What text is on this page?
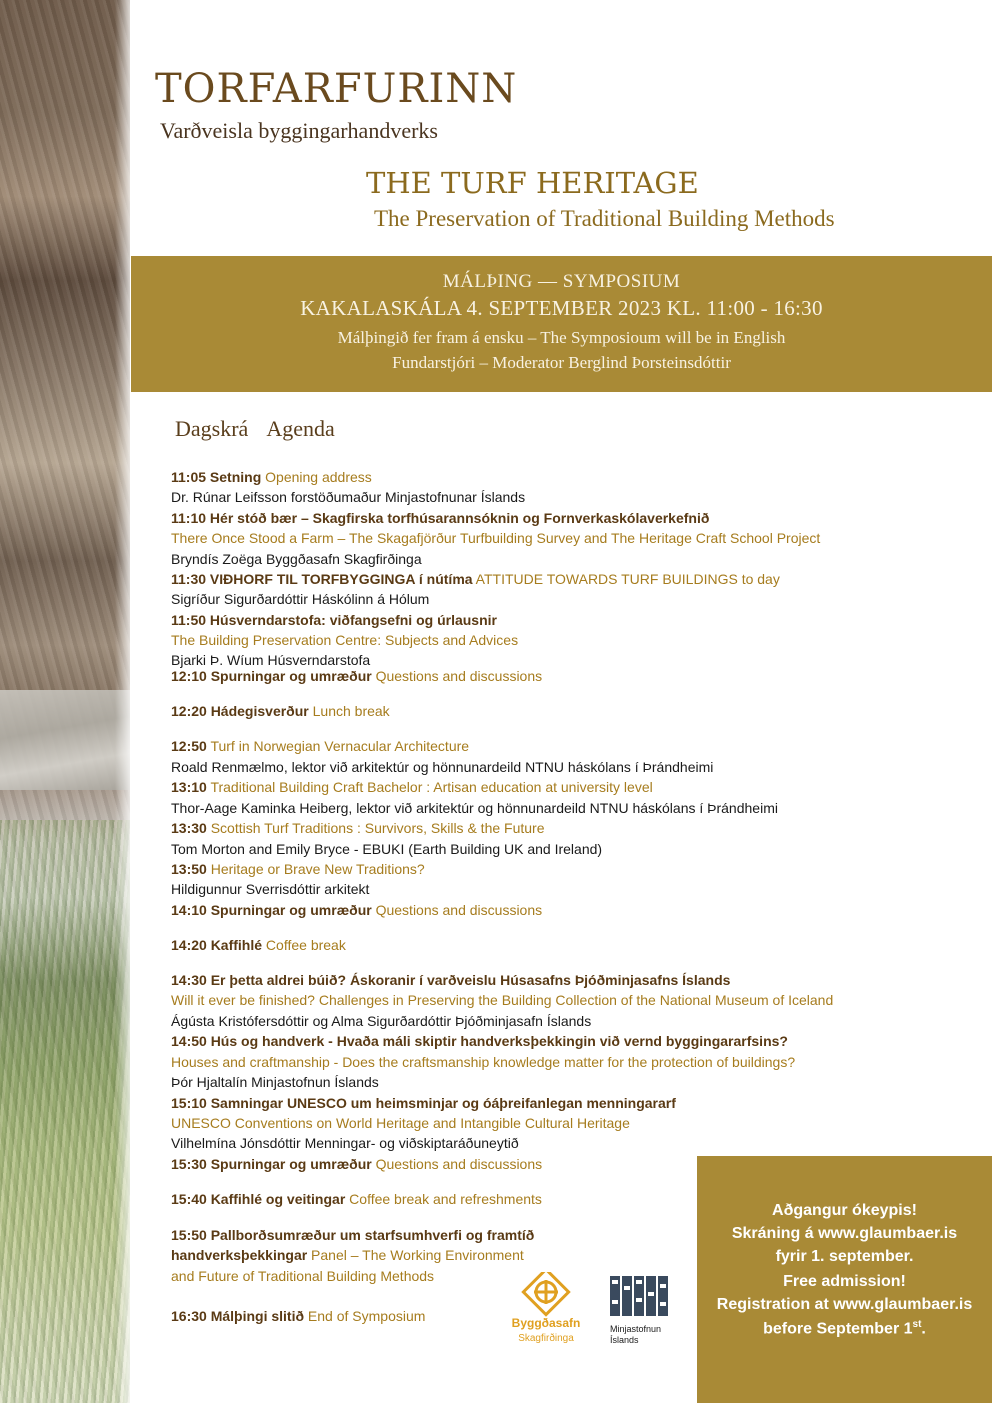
TORFARFURINN
Varðveisla byggingarhandverks
THE TURF HERITAGE
The Preservation of Traditional Building Methods
MÁLÞING — SYMPOSIUM
KAKALASKÁLA 4. SEPTEMBER 2023 KL. 11:00 - 16:30
Málþingið fer fram á ensku – The Symposioum will be in English
Fundarstjóri – Moderator Berglind Þorsteinsdóttir
Dagskrá Agenda
11:05 Setning Opening address
Dr. Rúnar Leifsson forstöðumaður Minjastofnunar Íslands
11:10 Hér stóð bær – Skagfirska torfhúsarannsóknin og Fornverkaskólaverkefnið
There Once Stood a Farm – The Skagafjörður Turfbuilding Survey and The Heritage Craft School Project
Bryndís Zoëga Byggðasafn Skagfirðinga
11:30 VIÐHORF TIL TORFBYGGINGA í nútíma ATTITUDE TOWARDS TURF BUILDINGS to day
Sigríður Sigurðardóttir Háskólinn á Hólum
11:50 Húsverndarstofa: viðfangsefni og úrlausnir
The Building Preservation Centre: Subjects and Advices
Bjarki Þ. Wíum Húsverndarstofa
12:10 Spurningar og umræður Questions and discussions
12:20 Hádegisverður Lunch break
12:50 Turf in Norwegian Vernacular Architecture
Roald Renmælmo, lektor við arkitektúr og hönnunardeild NTNU háskólans í Þrándheimi
13:10 Traditional Building Craft Bachelor : Artisan education at university level
Thor-Aage Kaminka Heiberg, lektor við arkitektúr og hönnunardeild NTNU háskólans í Þrándheimi
13:30 Scottish Turf Traditions : Survivors, Skills & the Future
Tom Morton and Emily Bryce - EBUKI (Earth Building UK and Ireland)
13:50 Heritage or Brave New Traditions?
Hildigunnur Sverrisdóttir arkitekt
14:10 Spurningar og umræður Questions and discussions
14:20 Kaffihlé Coffee break
14:30 Er þetta aldrei búið? Áskoranir í varðveislu Húsasafns Þjóðminjasafns Íslands
Will it ever be finished? Challenges in Preserving the Building Collection of the National Museum of Iceland
Ágústa Kristófersdóttir og Alma Sigurðardóttir Þjóðminjasafn Íslands
14:50 Hús og handverk - Hvaða máli skiptir handverksþekkingin við vernd byggingararfsins?
Houses and craftmanship - Does the craftsmanship knowledge matter for the protection of buildings?
Þór Hjaltalín Minjastofnun Íslands
15:10 Samningar UNESCO um heimsminjar og óáþreifanlegan menningararf
UNESCO Conventions on World Heritage and Intangible Cultural Heritage
Vilhelmína Jónsdóttir Menningar- og viðskiptaráðuneytið
15:30 Spurningar og umræður Questions and discussions
15:40 Kaffihlé og veitingar Coffee break and refreshments
15:50 Pallborðsumræður um starfsumhverfi og framtíð
handverksþekkingar Panel – The Working Environment
and Future of Traditional Building Methods
16:30 Málþingi slitið End of Symposium	Byggðasafn
Skagfirðinga
Minjastofnun
Íslands
Aðgangur ókeypis!
Skráning á www.glaumbaer.is
fyrir 1. september.
Free admission!
Registration at www.glaumbaer.is
before September 1st.
